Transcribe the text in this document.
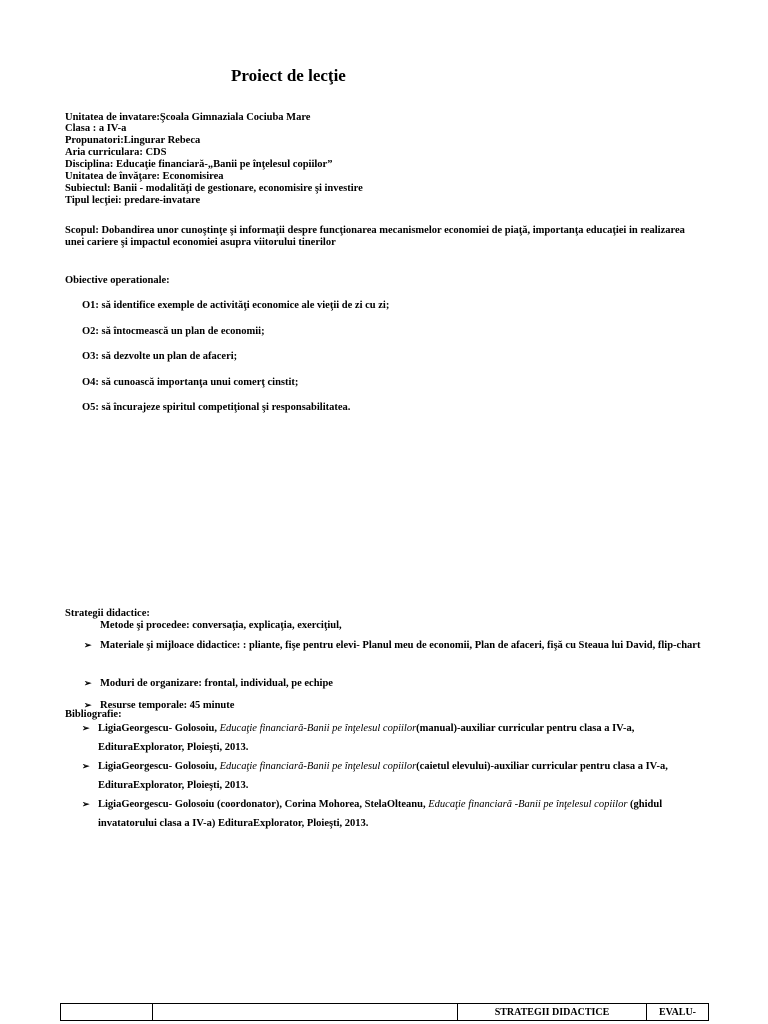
Proiect de lecţie
Unitatea de invatare:Şcoala Gimnaziala Cociuba Mare
Clasa : a IV-a
Propunatori:Lingurar Rebeca
Aria curriculara: CDS
Disciplina: Educaţie financiară-„Banii pe înţelesul copiilor”
Unitatea de învăţare: Economisirea
Subiectul: Banii - modalităţi de gestionare, economisire şi investire
Tipul lecţiei: predare-invatare
Scopul: Dobandirea unor cunoştinţe şi informaţii despre funcţionarea mecanismelor economiei de piaţă, importanţa educaţiei in realizarea unei cariere şi impactul economiei asupra viitorului tinerilor
Obiective operationale:
O1: să identifice exemple de activităţi economice ale vieţii de zi cu zi;
O2: să întocmească un plan de economii;
O3: să dezvolte un plan de afaceri;
O4: să cunoască importanţa unui comerţ cinstit;
O5: să încurajeze spiritul competiţional şi responsabilitatea.
Strategii didactice:
Metode şi procedee: conversaţia, explicaţia, exerciţiul,
➢ Materiale şi mijloace didactice: : pliante, fişe pentru elevi- Planul meu de economii, Plan de afaceri, fişă cu Steaua lui David, flip-chart
➢ Moduri de organizare: frontal, individual, pe echipe
➢ Resurse temporale: 45 minute
Bibliografie:
➢ LigiaGeorgescu- Golosoiu, Educaţie financiară-Banii pe înţelesul copiilor(manual)-auxiliar curricular pentru clasa a IV-a, EdituraExplorator, Ploieşti, 2013.
➢ LigiaGeorgescu- Golosoiu, Educaţie financiară-Banii pe înţelesul copiilor(caietul elevului)-auxiliar curricular pentru clasa a IV-a, EdituraExplorator, Ploieşti, 2013.
➢ LigiaGeorgescu- Golosoiu (coordonator), Corina Mohorea, StelaOlteanu, Educaţie financiară -Banii pe înţelesul copiilor (ghidul invatatorului clasa a IV-a) EdituraExplorator, Ploieşti, 2013.
		STRATEGII DIDACTICE	EVALU-
